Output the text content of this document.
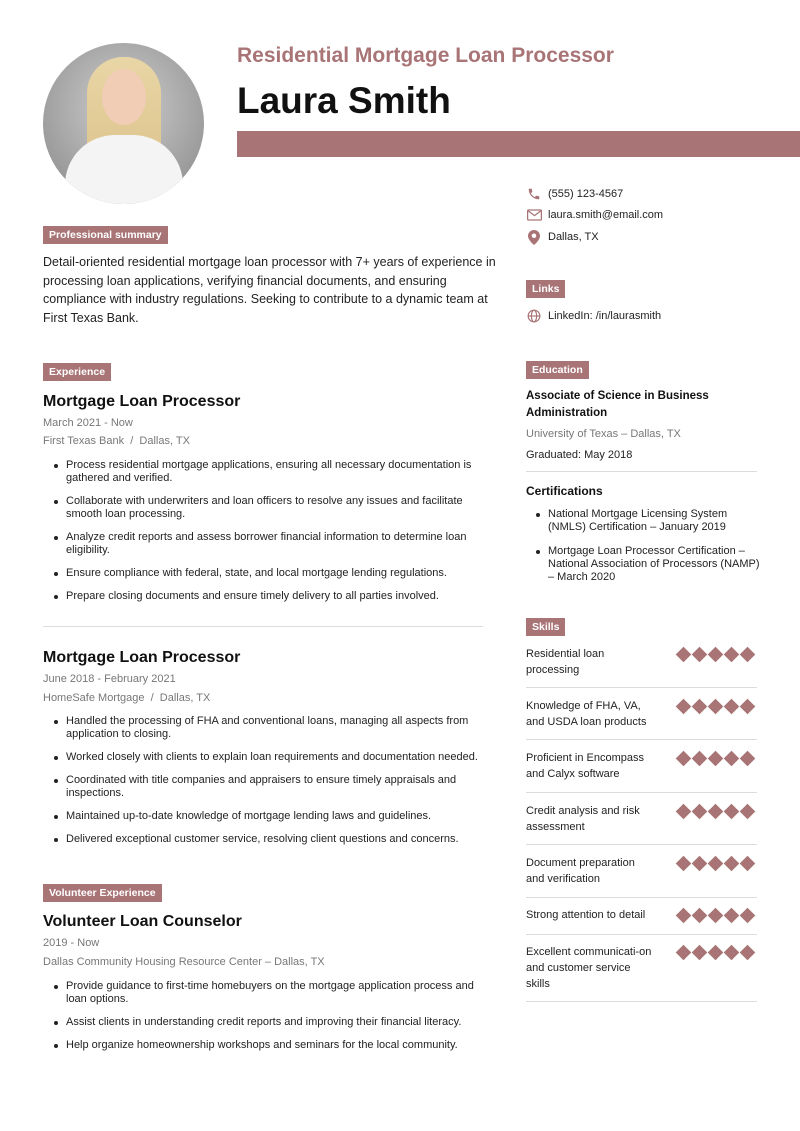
Residential Mortgage Loan Processor
Laura Smith
(555) 123-4567
laura.smith@email.com
Dallas, TX
Professional summary
Detail-oriented residential mortgage loan processor with 7+ years of experience in processing loan applications, verifying financial documents, and ensuring compliance with industry regulations. Seeking to contribute to a dynamic team at First Texas Bank.
Links
LinkedIn: /in/laurasmith
Experience
Mortgage Loan Processor
March 2021 - Now
First Texas Bank  /  Dallas, TX
Process residential mortgage applications, ensuring all necessary documentation is gathered and verified.
Collaborate with underwriters and loan officers to resolve any issues and facilitate smooth loan processing.
Analyze credit reports and assess borrower financial information to determine loan eligibility.
Ensure compliance with federal, state, and local mortgage lending regulations.
Prepare closing documents and ensure timely delivery to all parties involved.
Mortgage Loan Processor
June 2018 - February 2021
HomeSafe Mortgage  /  Dallas, TX
Handled the processing of FHA and conventional loans, managing all aspects from application to closing.
Worked closely with clients to explain loan requirements and documentation needed.
Coordinated with title companies and appraisers to ensure timely appraisals and inspections.
Maintained up-to-date knowledge of mortgage lending laws and guidelines.
Delivered exceptional customer service, resolving client questions and concerns.
Volunteer Experience
Volunteer Loan Counselor
2019 - Now
Dallas Community Housing Resource Center – Dallas, TX
Provide guidance to first-time homebuyers on the mortgage application process and loan options.
Assist clients in understanding credit reports and improving their financial literacy.
Help organize homeownership workshops and seminars for the local community.
Education
Associate of Science in Business Administration
University of Texas – Dallas, TX
Graduated: May 2018
Certifications
National Mortgage Licensing System (NMLS) Certification – January 2019
Mortgage Loan Processor Certification – National Association of Processors (NAMP) – March 2020
Skills
Residential loan processing
Knowledge of FHA, VA, and USDA loan products
Proficient in Encompass and Calyx software
Credit analysis and risk assessment
Document preparation and verification
Strong attention to detail
Excellent communicati-on and customer service skills
